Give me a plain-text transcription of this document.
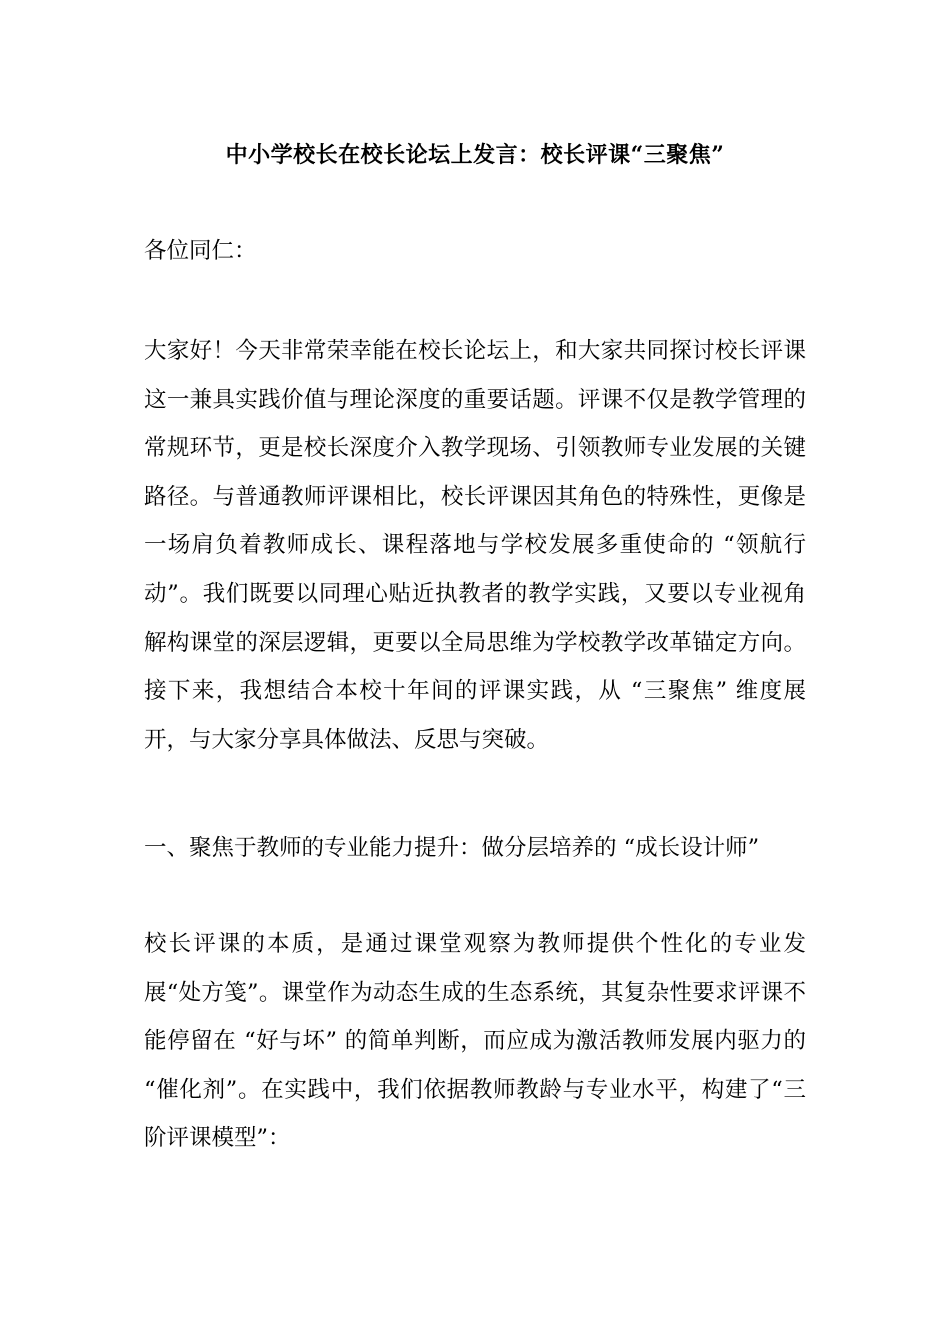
中小学校长在校长论坛上发言：校长评课“三聚焦”
各位同仁：
大家好！今天非常荣幸能在校长论坛上，和大家共同探讨校长评课这一兼具实践价值与理论深度的重要话题。评课不仅是教学管理的常规环节，更是校长深度介入教学现场、引领教师专业发展的关键路径。与普通教师评课相比，校长评课因其角色的特殊性，更像是一场肩负着教师成长、课程落地与学校发展多重使命的 “领航行动”。我们既要以同理心贴近执教者的教学实践，又要以专业视角解构课堂的深层逻辑，更要以全局思维为学校教学改革锚定方向。接下来，我想结合本校十年间的评课实践，从 “三聚焦” 维度展开，与大家分享具体做法、反思与突破。
一、聚焦于教师的专业能力提升：做分层培养的 “成长设计师”
校长评课的本质，是通过课堂观察为教师提供个性化的专业发展“处方笺”。课堂作为动态生成的生态系统，其复杂性要求评课不能停留在 “好与坏” 的简单判断，而应成为激活教师发展内驱力的 “催化剂”。在实践中，我们依据教师教龄与专业水平，构建了“三阶评课模型”：
